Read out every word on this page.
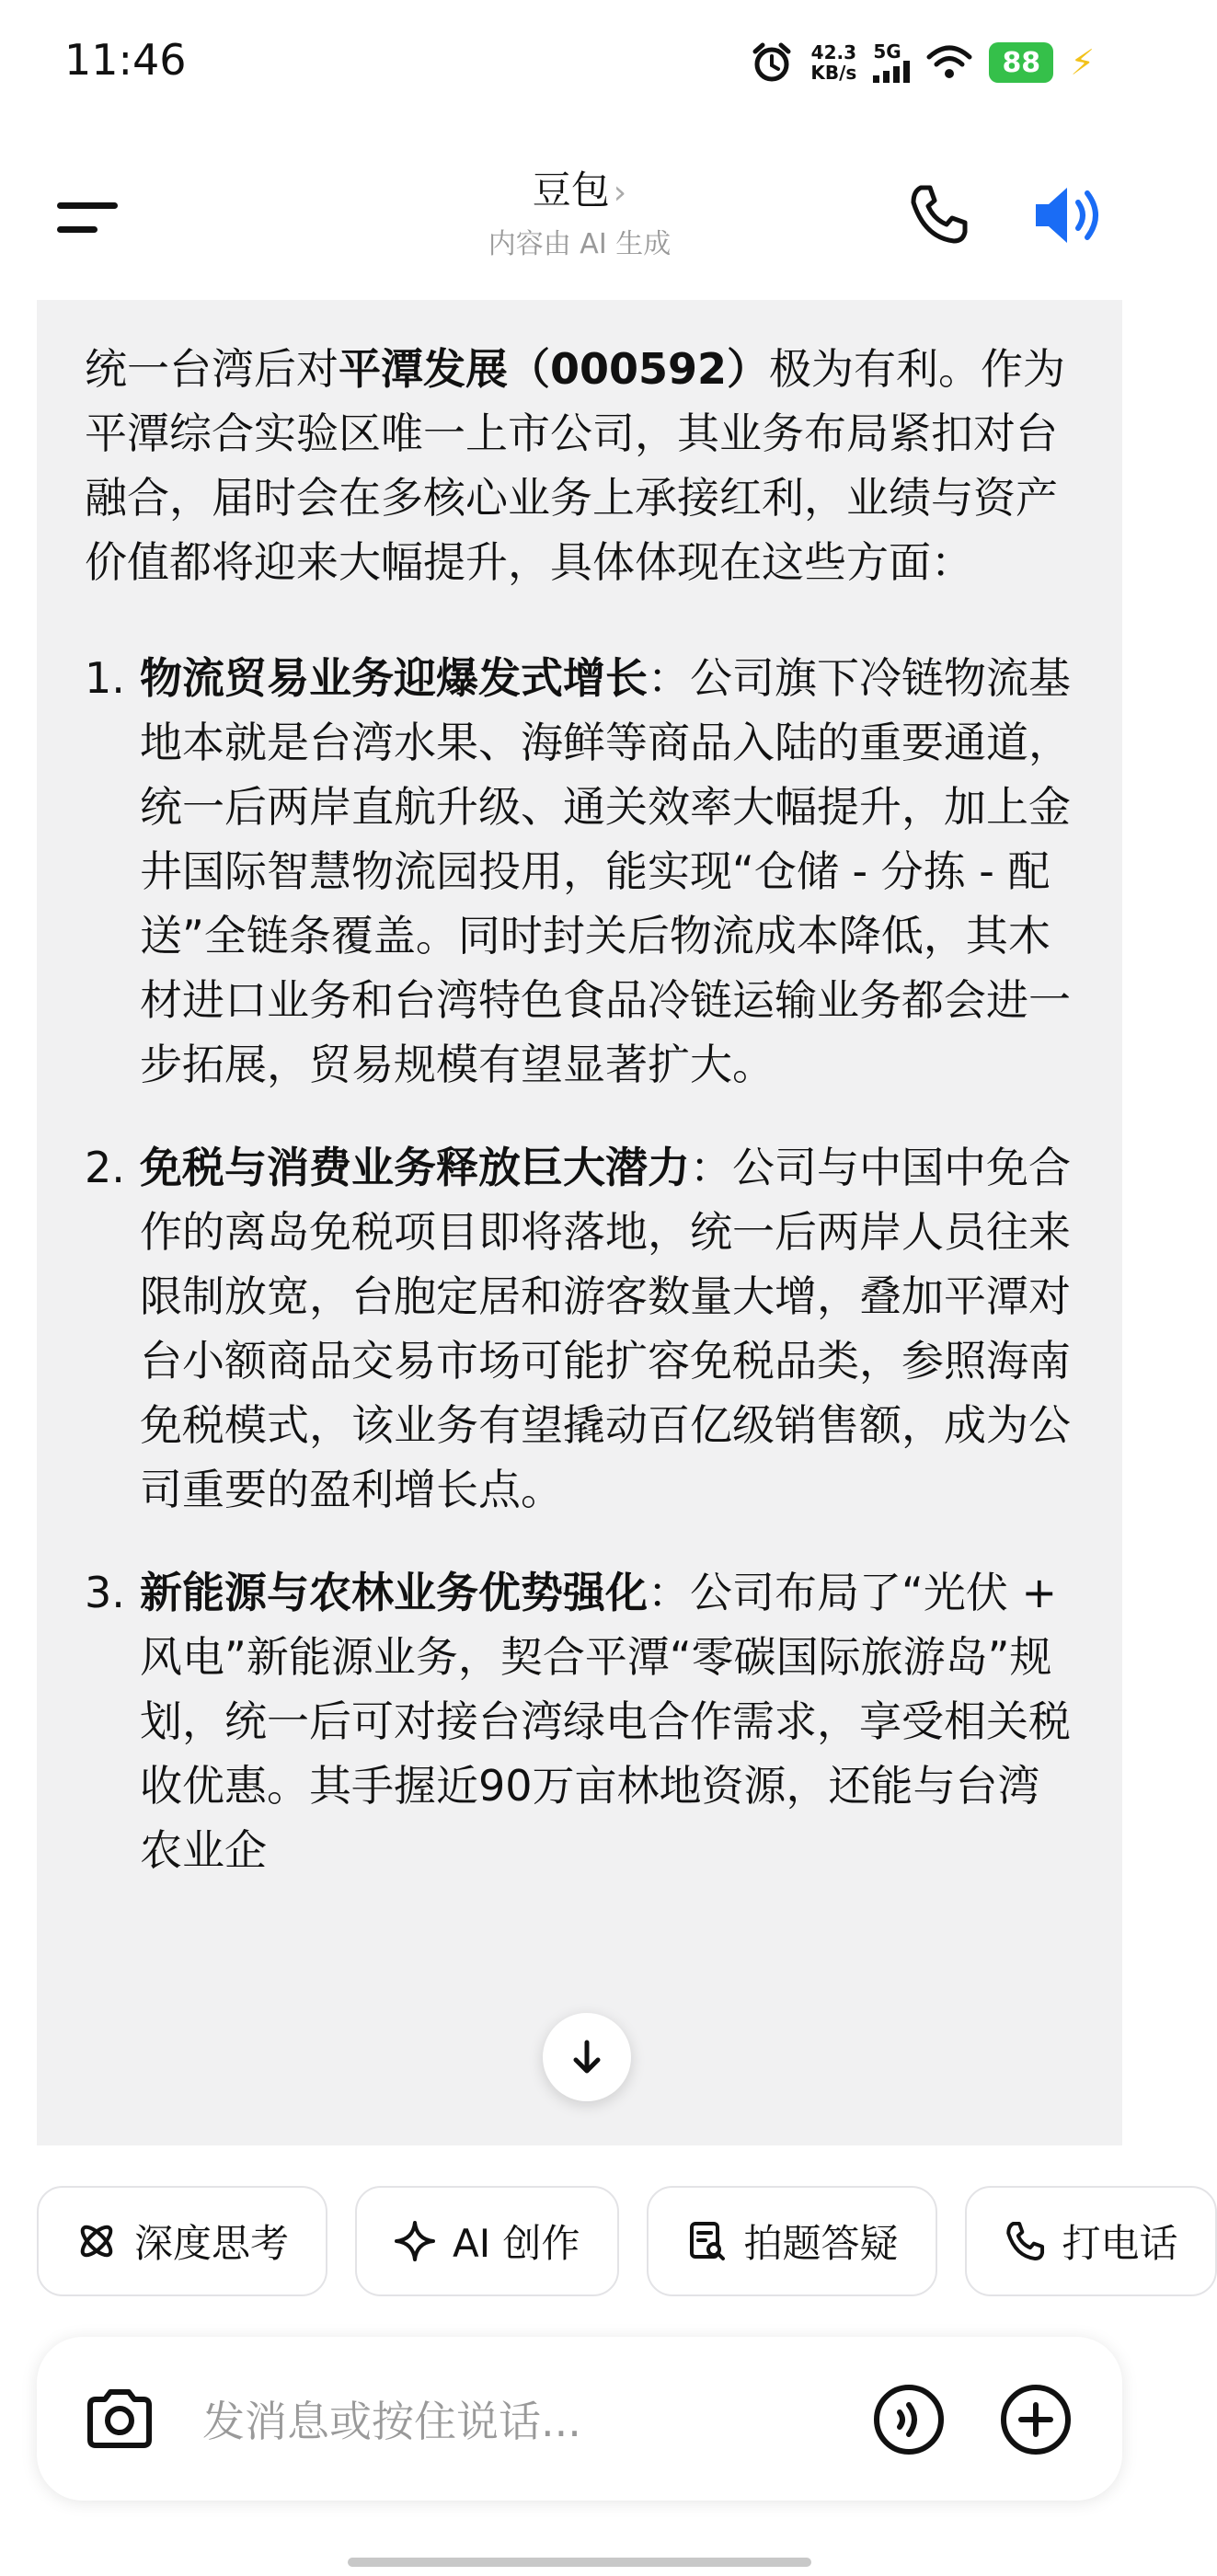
11:46	42.3
KB/s
5G	88 ⚡
豆包 ›
内容由 AI 生成

统一台湾后对平潭发展（000592）极为有利。作为平潭综合实验区唯一上市公司，其业务布局紧扣对台融合，届时会在多核心业务上承接红利，业绩与资产价值都将迎来大幅提升，具体体现在这些方面：

1. 物流贸易业务迎爆发式增长：公司旗下冷链物流基地本就是台湾水果、海鲜等商品入陆的重要通道，统一后两岸直航升级、通关效率大幅提升，加上金井国际智慧物流园投用，能实现“仓储 - 分拣 - 配送”全链条覆盖。同时封关后物流成本降低，其木材进口业务和台湾特色食品冷链运输业务都会进一步拓展，贸易规模有望显著扩大。
2. 免税与消费业务释放巨大潜力：公司与中国中免合作的离岛免税项目即将落地，统一后两岸人员往来限制放宽，台胞定居和游客数量大增，叠加平潭对台小额商品交易市场可能扩容免税品类，参照海南免税模式，该业务有望撬动百亿级销售额，成为公司重要的盈利增长点。
3. 新能源与农林业务优势强化：公司布局了“光伏 + 风电”新能源业务，契合平潭“零碳国际旅游岛”规划，统一后可对接台湾绿电合作需求，享受相关税收优惠。其手握近90万亩林地资源，还能与台湾农业企
深度思考	AI 创作	拍题答疑	打电话
发消息或按住说话...
